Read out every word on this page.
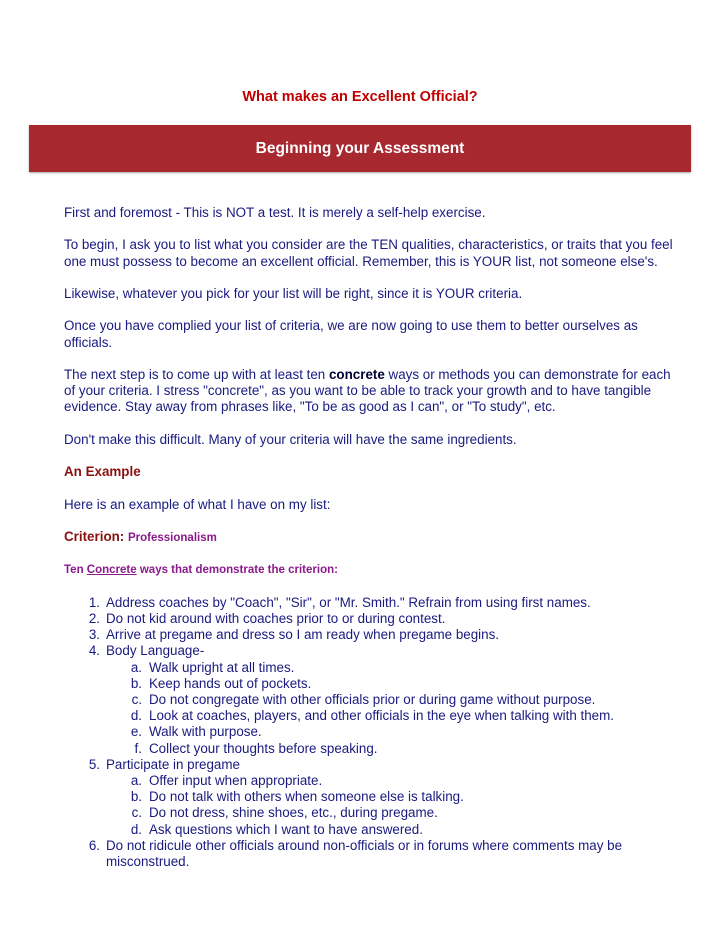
What makes an Excellent Official?
Beginning your Assessment

First and foremost - This is NOT a test. It is merely a self-help exercise.

To begin, I ask you to list what you consider are the TEN qualities, characteristics, or traits that you feel one must possess to become an excellent official. Remember, this is YOUR list, not someone else's.

Likewise, whatever you pick for your list will be right, since it is YOUR criteria.

Once you have complied your list of criteria, we are now going to use them to better ourselves as officials.

The next step is to come up with at least ten concrete ways or methods you can demonstrate for each of your criteria. I stress "concrete", as you want to be able to track your growth and to have tangible evidence. Stay away from phrases like, "To be as good as I can", or "To study", etc.

Don't make this difficult. Many of your criteria will have the same ingredients.

An Example

Here is an example of what I have on my list:

Criterion: Professionalism

Ten Concrete ways that demonstrate the criterion:

1. Address coaches by "Coach", "Sir", or "Mr. Smith." Refrain from using first names.
2. Do not kid around with coaches prior to or during contest.
3. Arrive at pregame and dress so I am ready when pregame begins.
4. Body Language-
a. Walk upright at all times.
b. Keep hands out of pockets.
c. Do not congregate with other officials prior or during game without purpose.
d. Look at coaches, players, and other officials in the eye when talking with them.
e. Walk with purpose.
f. Collect your thoughts before speaking.
5. Participate in pregame
a. Offer input when appropriate.
b. Do not talk with others when someone else is talking.
c. Do not dress, shine shoes, etc., during pregame.
d. Ask questions which I want to have answered.
6. Do not ridicule other officials around non-officials or in forums where comments may be misconstrued.
